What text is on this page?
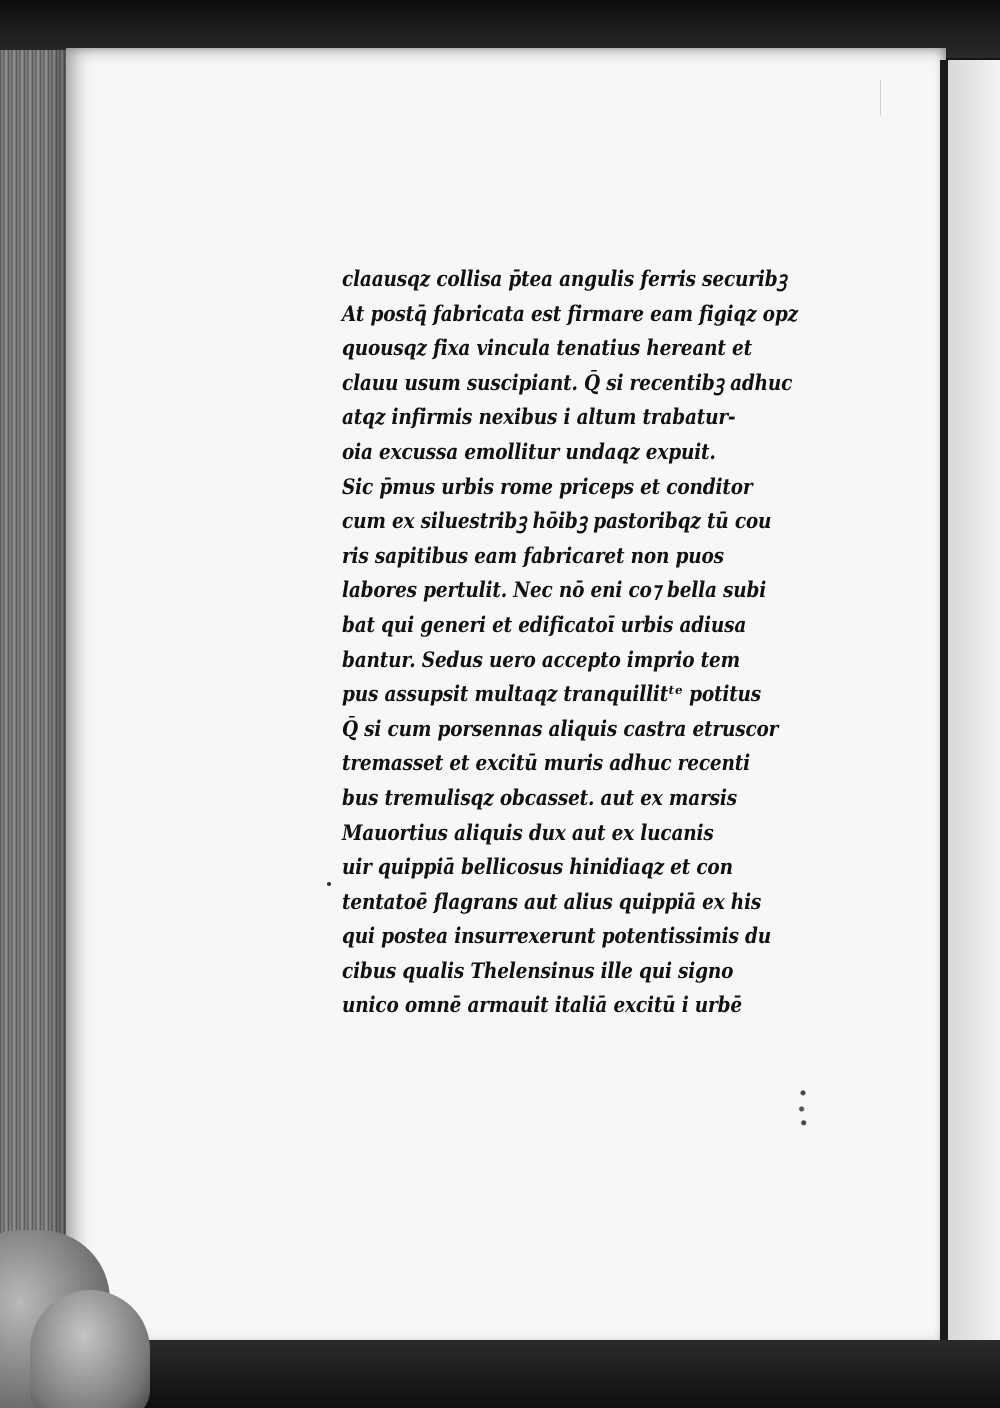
claausqz collisa p̄tea angulis ferris securibꝫ
At postq̄ fabricata est firmare eam figiqz opz
quousqz fixa vincula tenatius hereant et
clauu usum suscipiant. Q̄ si recentibꝫ adhuc
atqz infirmis nexibus i altum trabatur-
oia excussa emollitur undaqz expuit.
Sic p̄mus urbis rome priceps et conditor
cum ex siluestribꝫ hōibꝫ pastoribqz tū cou
ris sapitibus eam fabricaret non puos
labores pertulit. Nec nō eni co⁊ bella subi
bat qui generi et edificatoī urbis adiusa
bantur. Sedus uero accepto imprio tem
pus assupsit multaqz tranquillitᵗᵉ potitus
Q̄ si cum porsennas aliquis castra etruscor
tremasset et excitū muris adhuc recenti
bus tremulisqz obcasset. aut ex marsis
Mauortius aliquis dux aut ex lucanis
uir quippiā bellicosus hinidiaqz et con
tentatoē flagrans aut alius quippiā ex his
qui postea insurrexerunt potentissimis du
cibus qualis Thelensinus ille qui signo
unico omnē armauit italiā excitū i urbē
